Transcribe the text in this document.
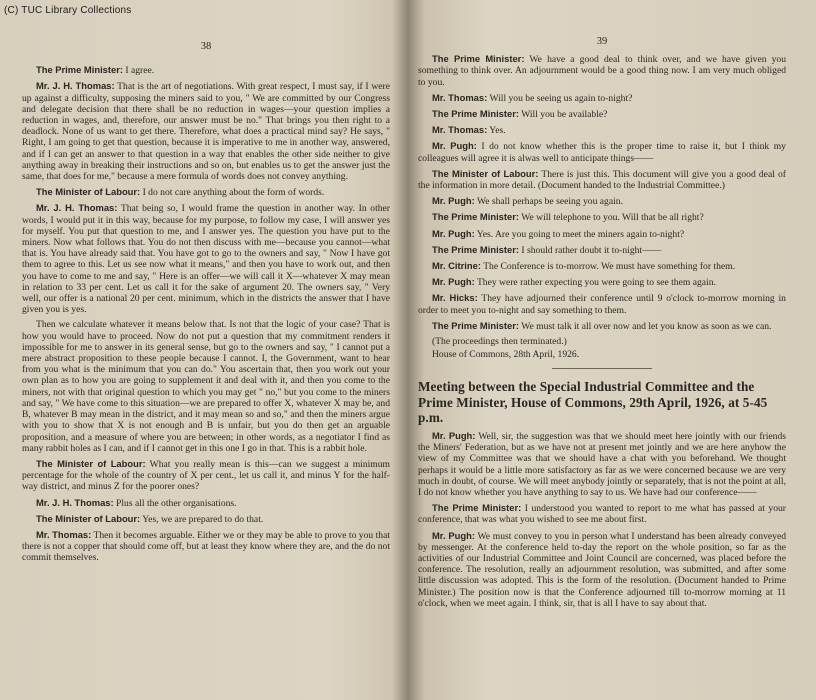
(C) TUC Library Collections
38

The Prime Minister: I agree.

Mr. J. H. Thomas: That is the art of negotiations. With great respect, I must say, if I were up against a difficulty, supposing the miners said to you, " We are committed by our Congress and delegate decision that there shall be no reduction in wages—your question implies a reduction in wages, and, therefore, our answer must be no." That brings you then right to a deadlock. None of us want to get there. Therefore, what does a practical mind say? He says, " Right, I am going to get that question, because it is imperative to me in another way, answered, and if I can get an answer to that question in a way that enables the other side neither to give anything away in breaking their instructions and so on, but enables us to get the answer just the same, that does for me," because a mere formula of words does not convey anything.

The Minister of Labour: I do not care anything about the form of words.

Mr. J. H. Thomas: That being so, I would frame the question in another way. In other words, I would put it in this way, because for my purpose, to follow my case, I will answer yes for myself. You put that question to me, and I answer yes. The question you have put to the miners. Now what follows that. You do not then discuss with me—because you cannot—what that is. You have already said that. You have got to go to the owners and say, " Now I have got them to agree to this. Let us see now what it means," and then you have to work out, and then you have to come to me and say, " Here is an offer—we will call it X—whatever X may mean in relation to 33 per cent. Let us call it for the sake of argument 20. The owners say, " Very well, our offer is a national 20 per cent. minimum, which in the districts the answer that I have given you is yes.

Then we calculate whatever it means below that. Is not that the logic of your case? That is how you would have to proceed. Now do not put a question that my commitment renders it impossible for me to answer in its general sense, but go to the owners and say, " I cannot put a mere abstract proposition to these people because I cannot. I, the Government, want to hear from you what is the minimum that you can do." You ascertain that, then you work out your own plan as to how you are going to supplement it and deal with it, and then you come to the miners, not with that original question to which you may get " no," but you come to the miners and say, " We have come to this situation—we are prepared to offer X, whatever X may be, and B, whatever B may mean in the district, and it may mean so and so," and then the miners argue with you to show that X is not enough and B is unfair, but you do then get an arguable proposition, and a measure of where you are between; in other words, as a negotiator I find as many rabbit holes as I can, and if I cannot get in this one I go in that. This is a rabbit hole.

The Minister of Labour: What you really mean is this—can we suggest a minimum percentage for the whole of the country of X per cent., let us call it, and minus Y for the half-way district, and minus Z for the poorer ones?

Mr. J. H. Thomas: Plus all the other organisations.

The Minister of Labour: Yes, we are prepared to do that.

Mr. Thomas: Then it becomes arguable. Either we or they may be able to prove to you that there is not a copper that should come off, but at least they know where they are, and the do not commit themselves.

39

The Prime Minister: We have a good deal to think over, and we have given you something to think over. An adjournment would be a good thing now. I am very much obliged to you.

Mr. Thomas: Will you be seeing us again to-night?

The Prime Minister: Will you be available?

Mr. Thomas: Yes.

Mr. Pugh: I do not know whether this is the proper time to raise it, but I think my colleagues will agree it is alwas well to anticipate things——

The Minister of Labour: There is just this. This document will give you a good deal of the information in more detail. (Document handed to the Industrial Committee.)

Mr. Pugh: We shall perhaps be seeing you again.

The Prime Minister: We will telephone to you. Will that be all right?

Mr. Pugh: Yes. Are you going to meet the miners again to-night?

The Prime Minister: I should rather doubt it to-night——

Mr. Citrine: The Conference is to-morrow. We must have something for them.

Mr. Pugh: They were rather expecting you were going to see them again.

Mr. Hicks: They have adjourned their conference until 9 o'clock to-morrow morning in order to meet you to-night and say something to them.

The Prime Minister: We must talk it all over now and let you know as soon as we can.

(The proceedings then terminated.)

House of Commons, 28th April, 1926.

Meeting between the Special Industrial Committee and the Prime Minister, House of Commons, 29th April, 1926, at 5-45 p.m.

Mr. Pugh: Well, sir, the suggestion was that we should meet here jointly with our friends the Miners' Federation, but as we have not at present met jointly and we are here anyhow the view of my Committee was that we should have a chat with you beforehand. We thought perhaps it would be a little more satisfactory as far as we were concerned because we are very much in doubt, of course. We will meet anybody jointly or separately, that is not the point at all, I do not know whether you have anything to say to us. We have had our conference——

The Prime Minister: I understood you wanted to report to me what has passed at your conference, that was what you wished to see me about first.

Mr. Pugh: We must convey to you in person what I understand has been already conveyed by messenger. At the conference held to-day the report on the whole position, so far as the activities of our Industrial Committee and Joint Council are concerned, was placed before the conference. The resolution, really an adjournment resolution, was submitted, and after some little discussion was adopted. This is the form of the resolution. (Document handed to Prime Minister.) The position now is that the Conference adjourned till to-morrow morning at 11 o'clock, when we meet again. I think, sir, that is all I have to say about that.
